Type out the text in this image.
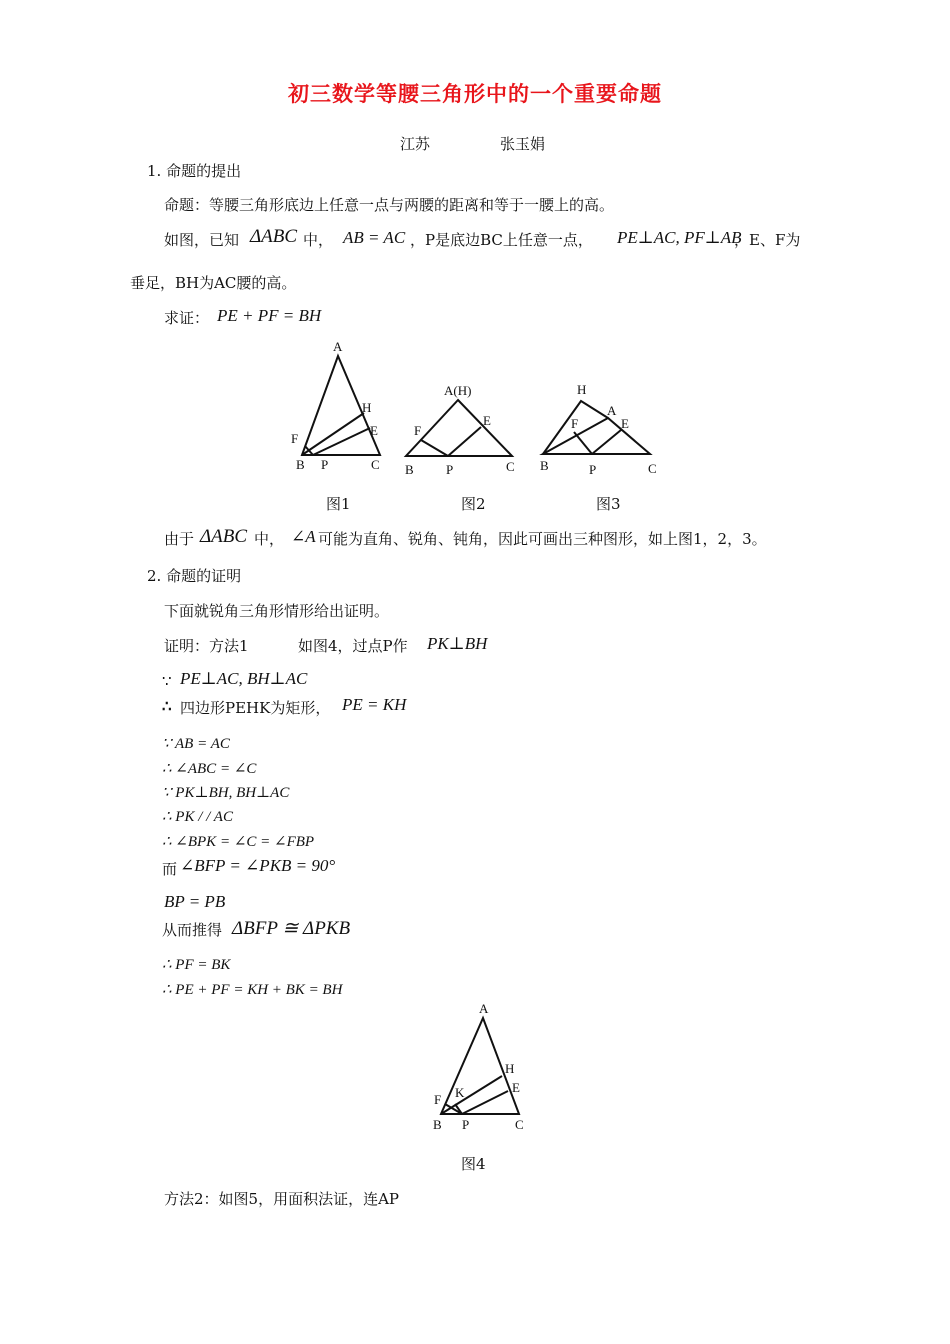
初三数学等腰三角形中的一个重要命题
江苏	张玉娟
1. 命题的提出
命题：等腰三角形底边上任意一点与两腰的距离和等于一腰上的高。
如图，已知 ΔABC 中， AB = AC ，P是底边BC上任意一点， PE⊥AC, PF⊥AB
，E、F为
垂足，BH为AC腰的高。
求证： PE + PF = BH
A
H
E
F
B P	C
A(H)
F
E
B P	C
H
A
F	E
B	P	C
图1	图2	图3
由于 ΔABC 中， ∠A 可能为直角、锐角、钝角，因此可画出三种图形，如上图1，2，3。
2. 命题的证明
下面就锐角三角形情形给出证明。
证明：方法1	如图4，过点P作 PK⊥BH
∵ PE⊥AC, BH⊥AC
∴ 四边形PEHK为矩形， PE = KH
∵ AB = AC
∴ ∠ABC = ∠C
∵ PK⊥BH, BH⊥AC
∴ PK / / AC
∴ ∠BPK = ∠C = ∠FBP
而 ∠BFP = ∠PKB = 90°
BP = PB
从而推得 ΔBFP ≅ ΔPKB
∴ PF = BK
∴ PE + PF = KH + BK = BH
A
H
E
F K
B P	C
图4
方法2：如图5，用面积法证，连AP
